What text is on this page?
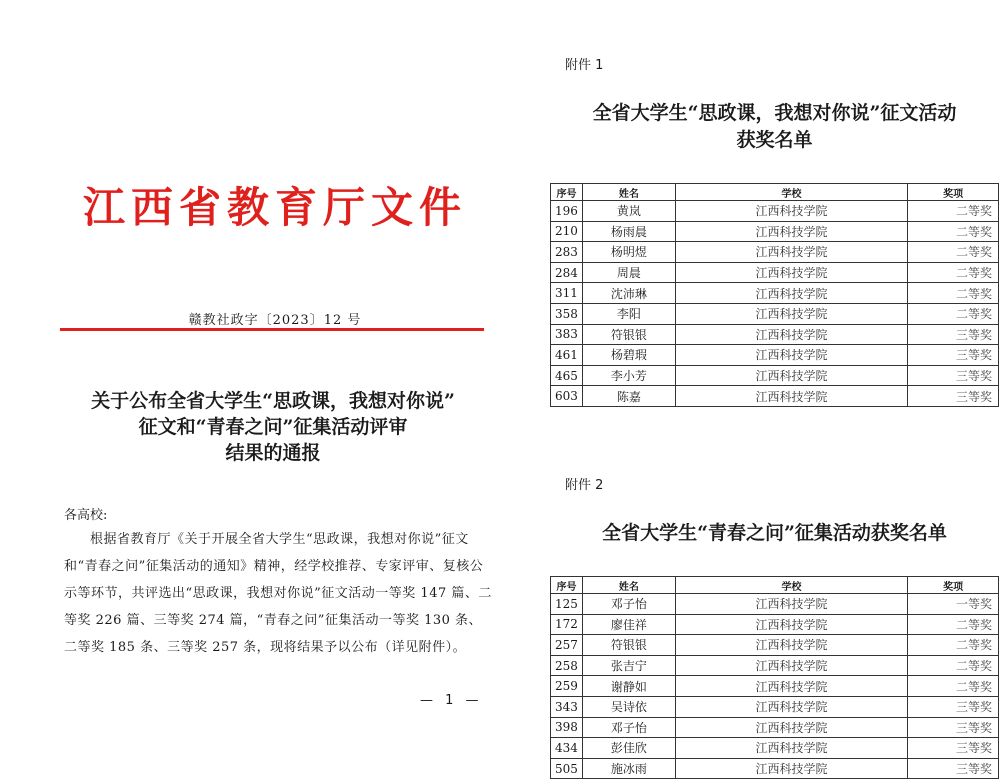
江西省教育厅文件
赣教社政字〔2023〕12 号
关于公布全省大学生“思政课，我想对你说”
征文和“青春之问”征集活动评审
结果的通报
各高校:

根据省教育厅《关于开展全省大学生“思政课，我想对你说”征文和“青春之问”征集活动的通知》精神，经学校推荐、专家评审、复核公示等环节，共评选出“思政课，我想对你说”征文活动一等奖 147 篇、二等奖 226 篇、三等奖 274 篇，“青春之问”征集活动一等奖 130 条、二等奖 185 条、三等奖 257 条，现将结果予以公布（详见附件）。

— 1 —
附件 1
全省大学生“思政课，我想对你说”征文活动
获奖名单
序号	姓名	学校	奖项
196	黄岚	江西科技学院	二等奖
210	杨雨晨	江西科技学院	二等奖
283	杨明煜	江西科技学院	二等奖
284	周晨	江西科技学院	二等奖
311	沈沛琳	江西科技学院	二等奖
358	李阳	江西科技学院	二等奖
383	符银银	江西科技学院	三等奖
461	杨碧瑕	江西科技学院	三等奖
465	李小芳	江西科技学院	三等奖
603	陈嘉	江西科技学院	三等奖
附件 2
全省大学生“青春之问”征集活动获奖名单
序号	姓名	学校	奖项
125	邓子怡	江西科技学院	一等奖
172	廖佳祥	江西科技学院	二等奖
257	符银银	江西科技学院	二等奖
258	张吉宁	江西科技学院	二等奖
259	谢静如	江西科技学院	二等奖
343	吴诗依	江西科技学院	三等奖
398	邓子怡	江西科技学院	三等奖
434	彭佳欣	江西科技学院	三等奖
505	施冰雨	江西科技学院	三等奖
